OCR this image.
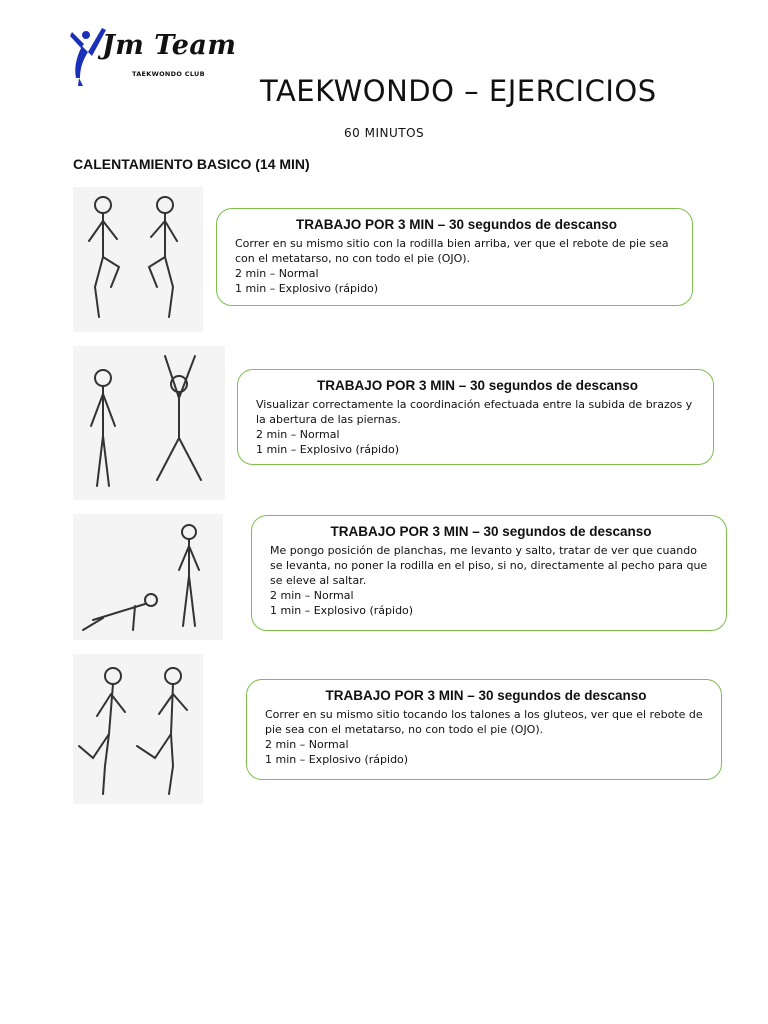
Jm Team
TAEKWONDO CLUB TAEKWONDO – EJERCICIOS
60 MINUTOS
CALENTAMIENTO BASICO (14 MIN)
TRABAJO POR 3 MIN – 30 segundos de descanso
Correr en su mismo sitio con la rodilla bien arriba, ver que el rebote de pie sea con el metatarso, no con todo el pie (OJO).
2 min – Normal
1 min – Explosivo (rápido)
TRABAJO POR 3 MIN – 30 segundos de descanso
Visualizar correctamente la coordinación efectuada entre la subida de brazos y la abertura de las piernas.
2 min – Normal
1 min – Explosivo (rápido)
TRABAJO POR 3 MIN – 30 segundos de descanso
Me pongo posición de planchas, me levanto y salto, tratar de ver que cuando se levanta, no poner la rodilla en el piso, si no, directamente al pecho para que se eleve al saltar.
2 min – Normal
1 min – Explosivo (rápido)
TRABAJO POR 3 MIN – 30 segundos de descanso
Correr en su mismo sitio tocando los talones a los gluteos, ver que el rebote de pie sea con el metatarso, no con todo el pie (OJO).
2 min – Normal
1 min – Explosivo (rápido)
